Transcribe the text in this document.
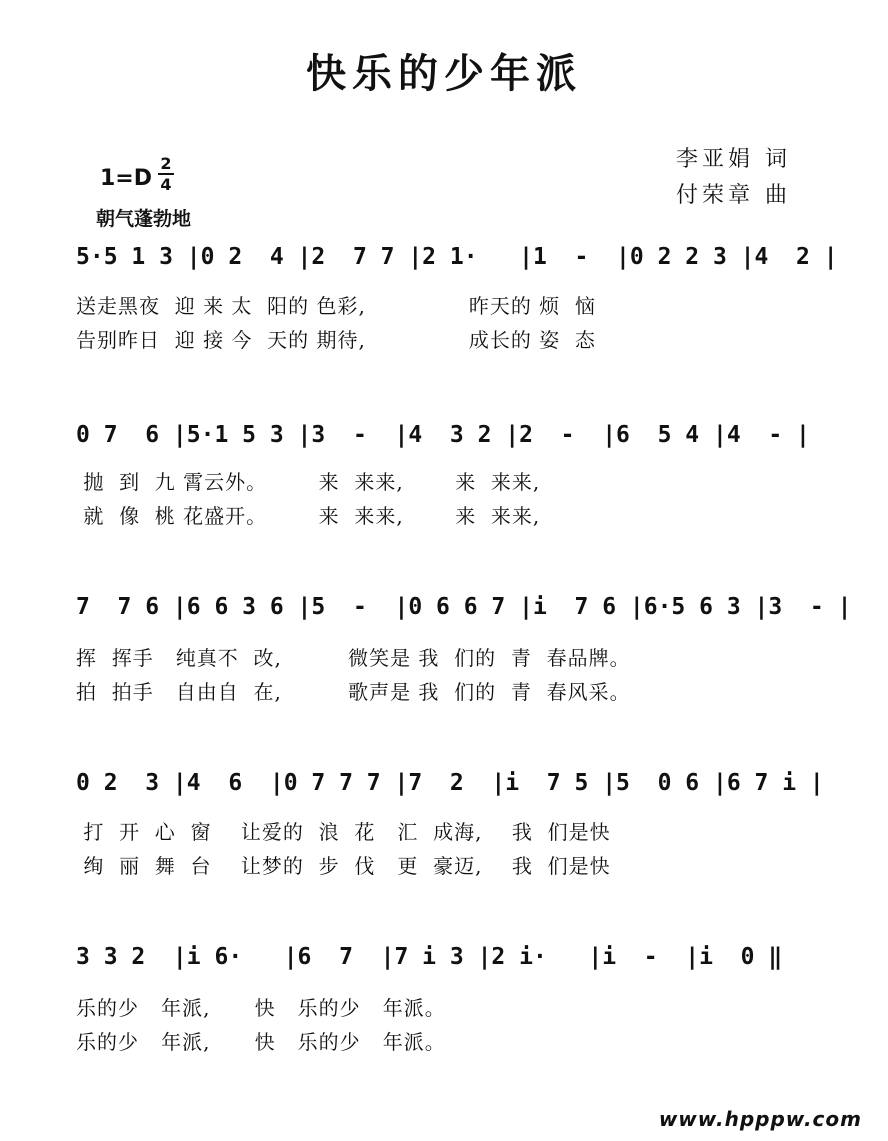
快乐的少年派
李亚娟 词
付荣章 曲
1=D
2
4
朝气蓬勃地
5·5 1 3 |0 2  4 |2  7 7 |2 1·   |1  -  |0 2 2 3 |4  2 |
送走黑夜  迎 来 太  阳的 色彩,              昨天的 烦  恼
告别昨日  迎 接 今  天的 期待,              成长的 姿  态
0 7  6 |5·1 5 3 |3  -  |4  3 2 |2  -  |6  5 4 |4  - |
抛  到  九 霄云外。       来  来来,       来  来来,
就  像  桃 花盛开。       来  来来,       来  来来,
7  7 6 |6 6 3 6 |5  -  |0 6 6 7 |i  7 6 |6·5 6 3 |3  - |
挥  挥手   纯真不  改,         微笑是 我  们的  青  春品牌。
拍  拍手   自由自  在,         歌声是 我  们的  青  春风采。
0 2  3 |4  6  |0 7 7 7 |7  2  |i  7 5 |5  0 6 |6 7 i |
打  开  心  窗    让爱的  浪  花   汇  成海,    我  们是快
绚  丽  舞  台    让梦的  步  伐   更  豪迈,    我  们是快
3 3 2  |i 6·   |6  7  |7 i 3 |2 i·   |i  -  |i  0 ‖
乐的少   年派,      快   乐的少   年派。
乐的少   年派,      快   乐的少   年派。
www.hpppw.com
